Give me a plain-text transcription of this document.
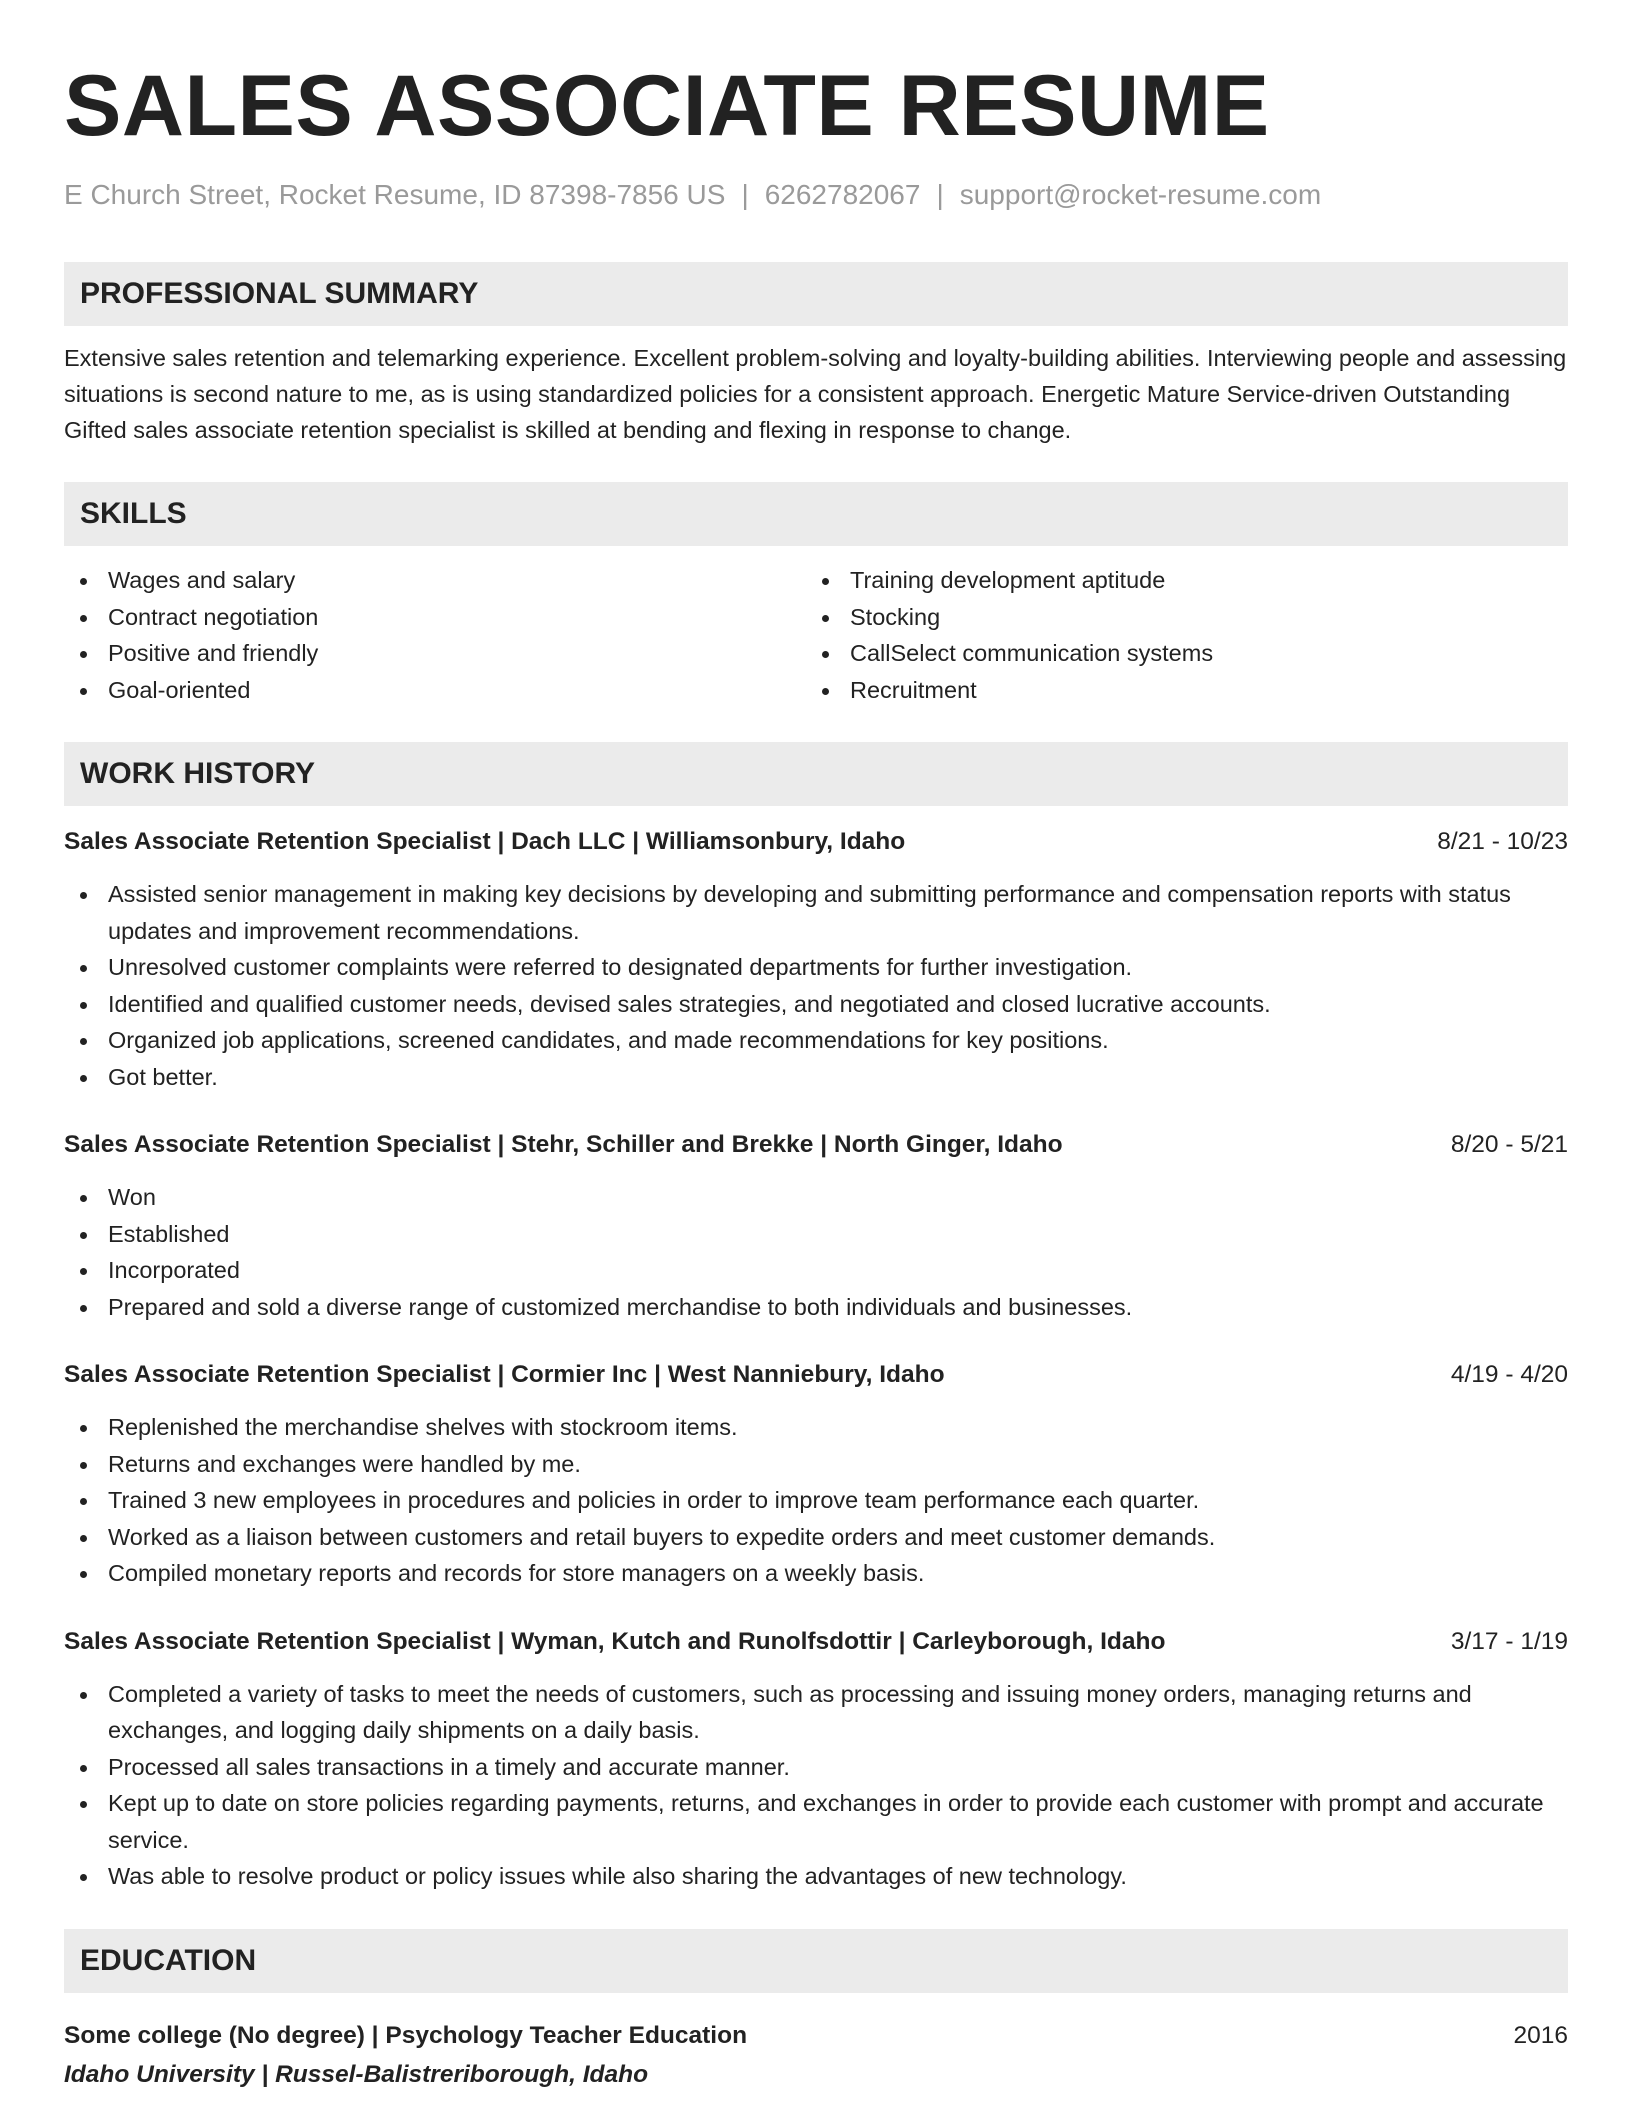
SALES ASSOCIATE RESUME
E Church Street, Rocket Resume, ID 87398-7856 US | 6262782067 | support@rocket-resume.com
PROFESSIONAL SUMMARY
Extensive sales retention and telemarking experience. Excellent problem-solving and loyalty-building abilities. Interviewing people and assessing situations is second nature to me, as is using standardized policies for a consistent approach. Energetic Mature Service-driven Outstanding Gifted sales associate retention specialist is skilled at bending and flexing in response to change.
SKILLS
Wages and salary
Contract negotiation
Positive and friendly
Goal-oriented
Training development aptitude
Stocking
CallSelect communication systems
Recruitment
WORK HISTORY
Sales Associate Retention Specialist | Dach LLC | Williamsonbury, Idaho	8/21 - 10/23
Assisted senior management in making key decisions by developing and submitting performance and compensation reports with status updates and improvement recommendations.
Unresolved customer complaints were referred to designated departments for further investigation.
Identified and qualified customer needs, devised sales strategies, and negotiated and closed lucrative accounts.
Organized job applications, screened candidates, and made recommendations for key positions.
Got better.
Sales Associate Retention Specialist | Stehr, Schiller and Brekke | North Ginger, Idaho	8/20 - 5/21
Won
Established
Incorporated
Prepared and sold a diverse range of customized merchandise to both individuals and businesses.
Sales Associate Retention Specialist | Cormier Inc | West Nanniebury, Idaho	4/19 - 4/20
Replenished the merchandise shelves with stockroom items.
Returns and exchanges were handled by me.
Trained 3 new employees in procedures and policies in order to improve team performance each quarter.
Worked as a liaison between customers and retail buyers to expedite orders and meet customer demands.
Compiled monetary reports and records for store managers on a weekly basis.
Sales Associate Retention Specialist | Wyman, Kutch and Runolfsdottir | Carleyborough, Idaho	3/17 - 1/19
Completed a variety of tasks to meet the needs of customers, such as processing and issuing money orders, managing returns and exchanges, and logging daily shipments on a daily basis.
Processed all sales transactions in a timely and accurate manner.
Kept up to date on store policies regarding payments, returns, and exchanges in order to provide each customer with prompt and accurate service.
Was able to resolve product or policy issues while also sharing the advantages of new technology.
EDUCATION
Some college (No degree) | Psychology Teacher Education	2016
Idaho University | Russel-Balistreriborough, Idaho
